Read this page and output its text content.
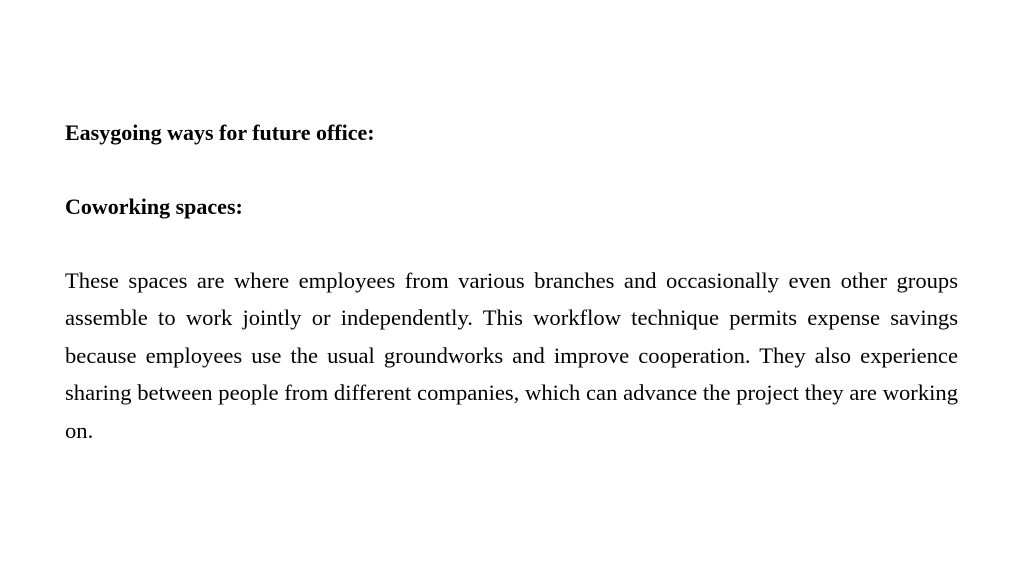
Easygoing ways for future office:

Coworking spaces:

These spaces are where employees from various branches and occasionally even other groups assemble to work jointly or independently. This workflow technique permits expense savings because employees use the usual groundworks and improve cooperation. They also experience sharing between people from different companies, which can advance the project they are working on.
